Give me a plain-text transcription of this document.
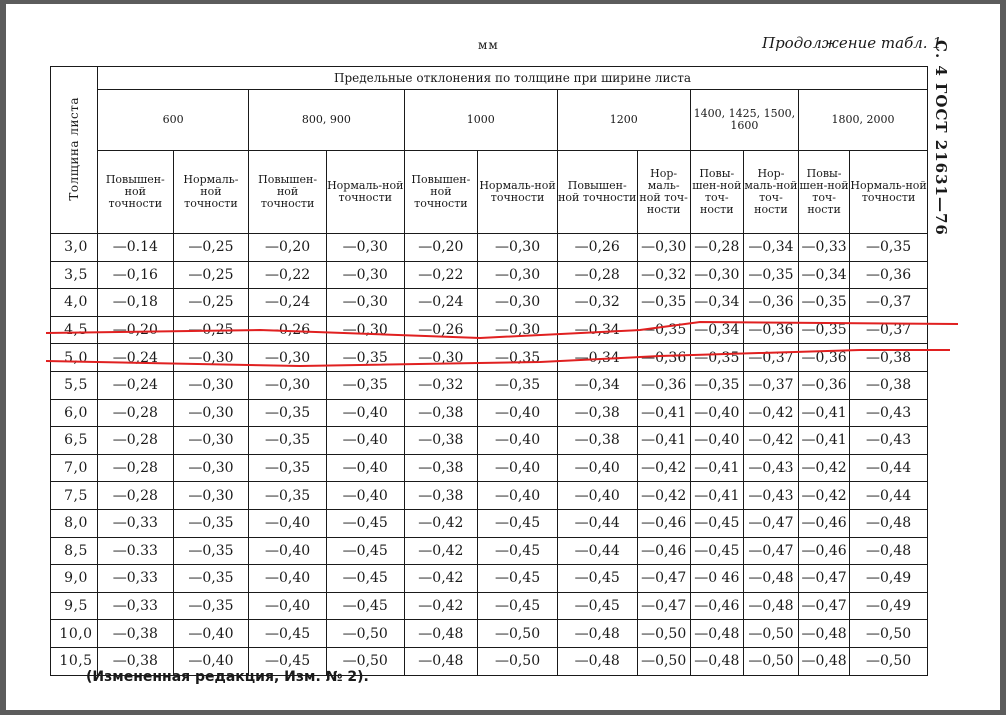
мм	Продолжение табл. 1
С. 4 ГОСТ 21631—76
Толщина листа	Предельные отклонения по толщине при ширине листа											
	600		800, 900		1000		1200		1400, 1425, 1500, 1600		1800, 2000	
	Повышен-ной точности	Нормаль-ной точности	Повышен-ной точности	Нормаль-ной точности	Повышен-ной точности	Нормаль-ной точности	Повышен-ной точности	Нор-маль-ной точ-ности	Повы-шен-ной точ-ности	Нор-маль-ной точ-ности	Повы-шен-ной точ-ности	Нормаль-ной точности
3,0	—0.14	—0,25	—0,20	—0,30	—0,20	—0,30	—0,26	—0,30	—0,28	—0,34	—0,33	—0,35
3,5	—0,16	—0,25	—0,22	—0,30	—0,22	—0,30	—0,28	—0,32	—0,30	—0,35	—0,34	—0,36
4,0	—0,18	—0,25	—0,24	—0,30	—0,24	—0,30	—0,32	—0,35	—0,34	—0,36	—0,35	—0,37
4,5	—0,20	—0,25	—0,26	—0,30	—0,26	—0,30	—0,34	—0,35	—0,34	—0,36	—0,35	—0,37
5,0	—0,24	—0,30	—0,30	—0,35	—0,30	—0,35	—0,34	—0,36	—0,35	—0,37	—0,36	—0,38
5,5	—0,24	—0,30	—0,30	—0,35	—0,32	—0,35	—0,34	—0,36	—0,35	—0,37	—0,36	—0,38
6,0	—0,28	—0,30	—0,35	—0,40	—0,38	—0,40	—0,38	—0,41	—0,40	—0,42	—0,41	—0,43
6,5	—0,28	—0,30	—0,35	—0,40	—0,38	—0,40	—0,38	—0,41	—0,40	—0,42	—0,41	—0,43
7,0	—0,28	—0,30	—0,35	—0,40	—0,38	—0,40	—0,40	—0,42	—0,41	—0,43	—0,42	—0,44
7,5	—0,28	—0,30	—0,35	—0,40	—0,38	—0,40	—0,40	—0,42	—0,41	—0,43	—0,42	—0,44
8,0	—0,33	—0,35	—0,40	—0,45	—0,42	—0,45	—0,44	—0,46	—0,45	—0,47	—0,46	—0,48
8,5	—0.33	—0,35	—0,40	—0,45	—0,42	—0,45	—0,44	—0,46	—0,45	—0,47	—0,46	—0,48
9,0	—0,33	—0,35	—0,40	—0,45	—0,42	—0,45	—0,45	—0,47	—0 46	—0,48	—0,47	—0,49
9,5	—0,33	—0,35	—0,40	—0,45	—0,42	—0,45	—0,45	—0,47	—0,46	—0,48	—0,47	—0,49
10,0	—0,38	—0,40	—0,45	—0,50	—0,48	—0,50	—0,48	—0,50	—0,48	—0,50	—0,48	—0,50
10,5	—0,38	—0,40	—0,45	—0,50	—0,48	—0,50	—0,48	—0,50	—0,48	—0,50	—0,48	—0,50
(Измененная редакция, Изм. № 2).
